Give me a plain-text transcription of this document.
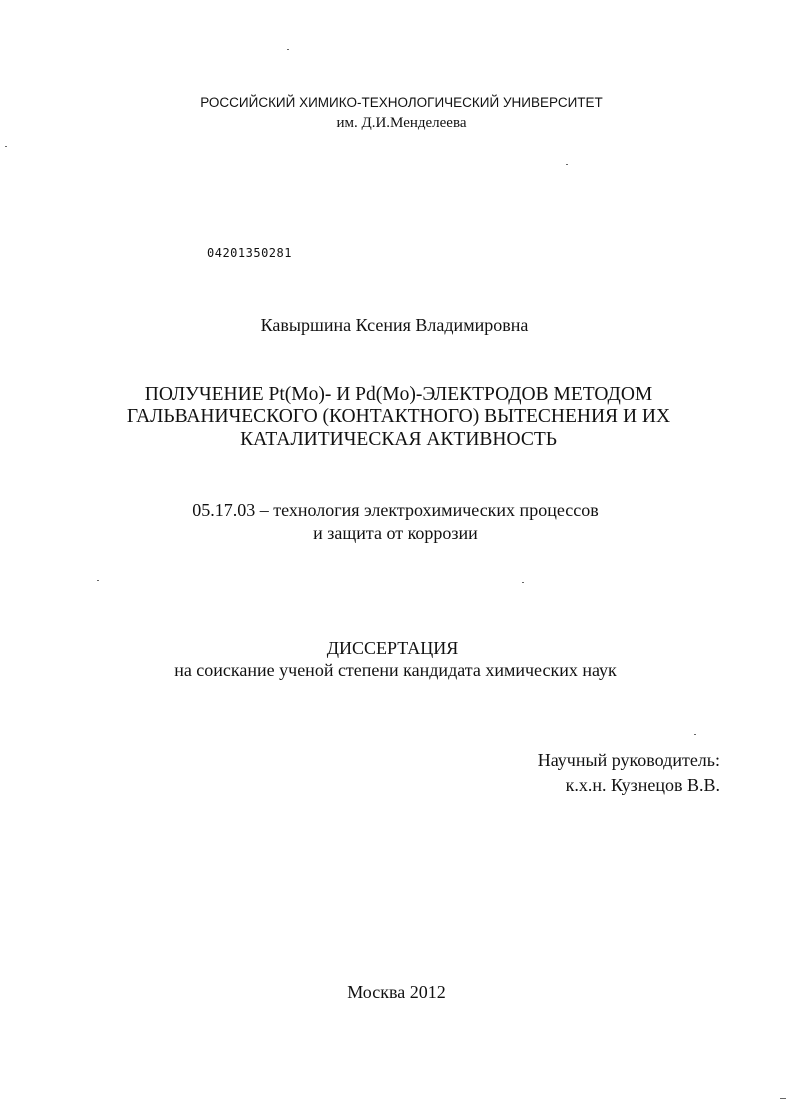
РОССИЙСКИЙ ХИМИКО-ТЕХНОЛОГИЧЕСКИЙ УНИВЕРСИТЕТ
им. Д.И.Менделеева
04201350281
Кавыршина Ксения Владимировна
ПОЛУЧЕНИЕ Pt(Mo)- И Pd(Mo)-ЭЛЕКТРОДОВ МЕТОДОМ
ГАЛЬВАНИЧЕСКОГО (КОНТАКТНОГО) ВЫТЕСНЕНИЯ И ИХ
КАТАЛИТИЧЕСКАЯ АКТИВНОСТЬ
05.17.03 – технология электрохимических процессов
и защита от коррозии
ДИССЕРТАЦИЯ
на соискание ученой степени кандидата химических наук
Научный руководитель:
к.х.н. Кузнецов В.В.
Москва 2012
